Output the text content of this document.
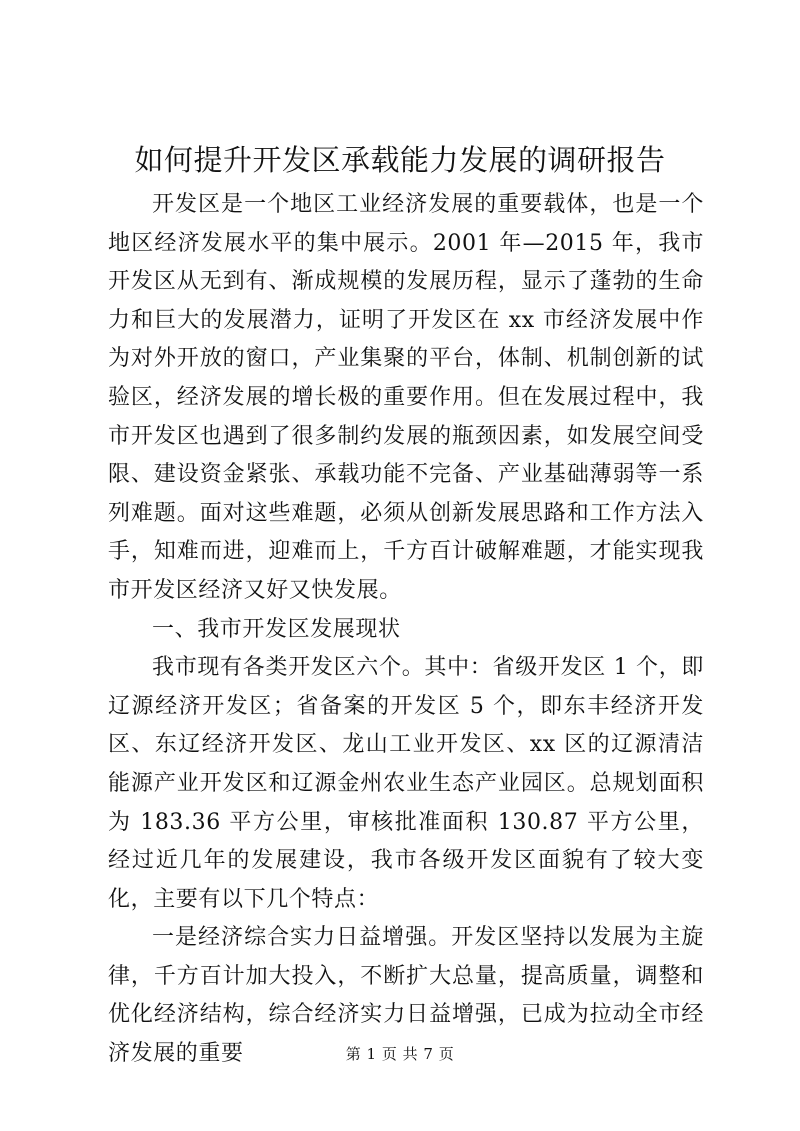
如何提升开发区承载能力发展的调研报告

开发区是一个地区工业经济发展的重要载体，也是一个地区经济发展水平的集中展示。2001 年—2015 年，我市开发区从无到有、渐成规模的发展历程，显示了蓬勃的生命力和巨大的发展潜力，证明了开发区在 xx 市经济发展中作为对外开放的窗口，产业集聚的平台，体制、机制创新的试验区，经济发展的增长极的重要作用。但在发展过程中，我市开发区也遇到了很多制约发展的瓶颈因素，如发展空间受限、建设资金紧张、承载功能不完备、产业基础薄弱等一系列难题。面对这些难题，必须从创新发展思路和工作方法入手，知难而进，迎难而上，千方百计破解难题，才能实现我市开发区经济又好又快发展。

一、我市开发区发展现状

我市现有各类开发区六个。其中：省级开发区 1 个，即辽源经济开发区；省备案的开发区 5 个，即东丰经济开发区、东辽经济开发区、龙山工业开发区、xx 区的辽源清洁能源产业开发区和辽源金州农业生态产业园区。总规划面积为 183.36 平方公里，审核批准面积 130.87 平方公里，经过近几年的发展建设，我市各级开发区面貌有了较大变化，主要有以下几个特点：

一是经济综合实力日益增强。开发区坚持以发展为主旋律，千方百计加大投入，不断扩大总量，提高质量，调整和优化经济结构，综合经济实力日益增强，已成为拉动全市经济发展的重要	第 1 页 共 7 页
